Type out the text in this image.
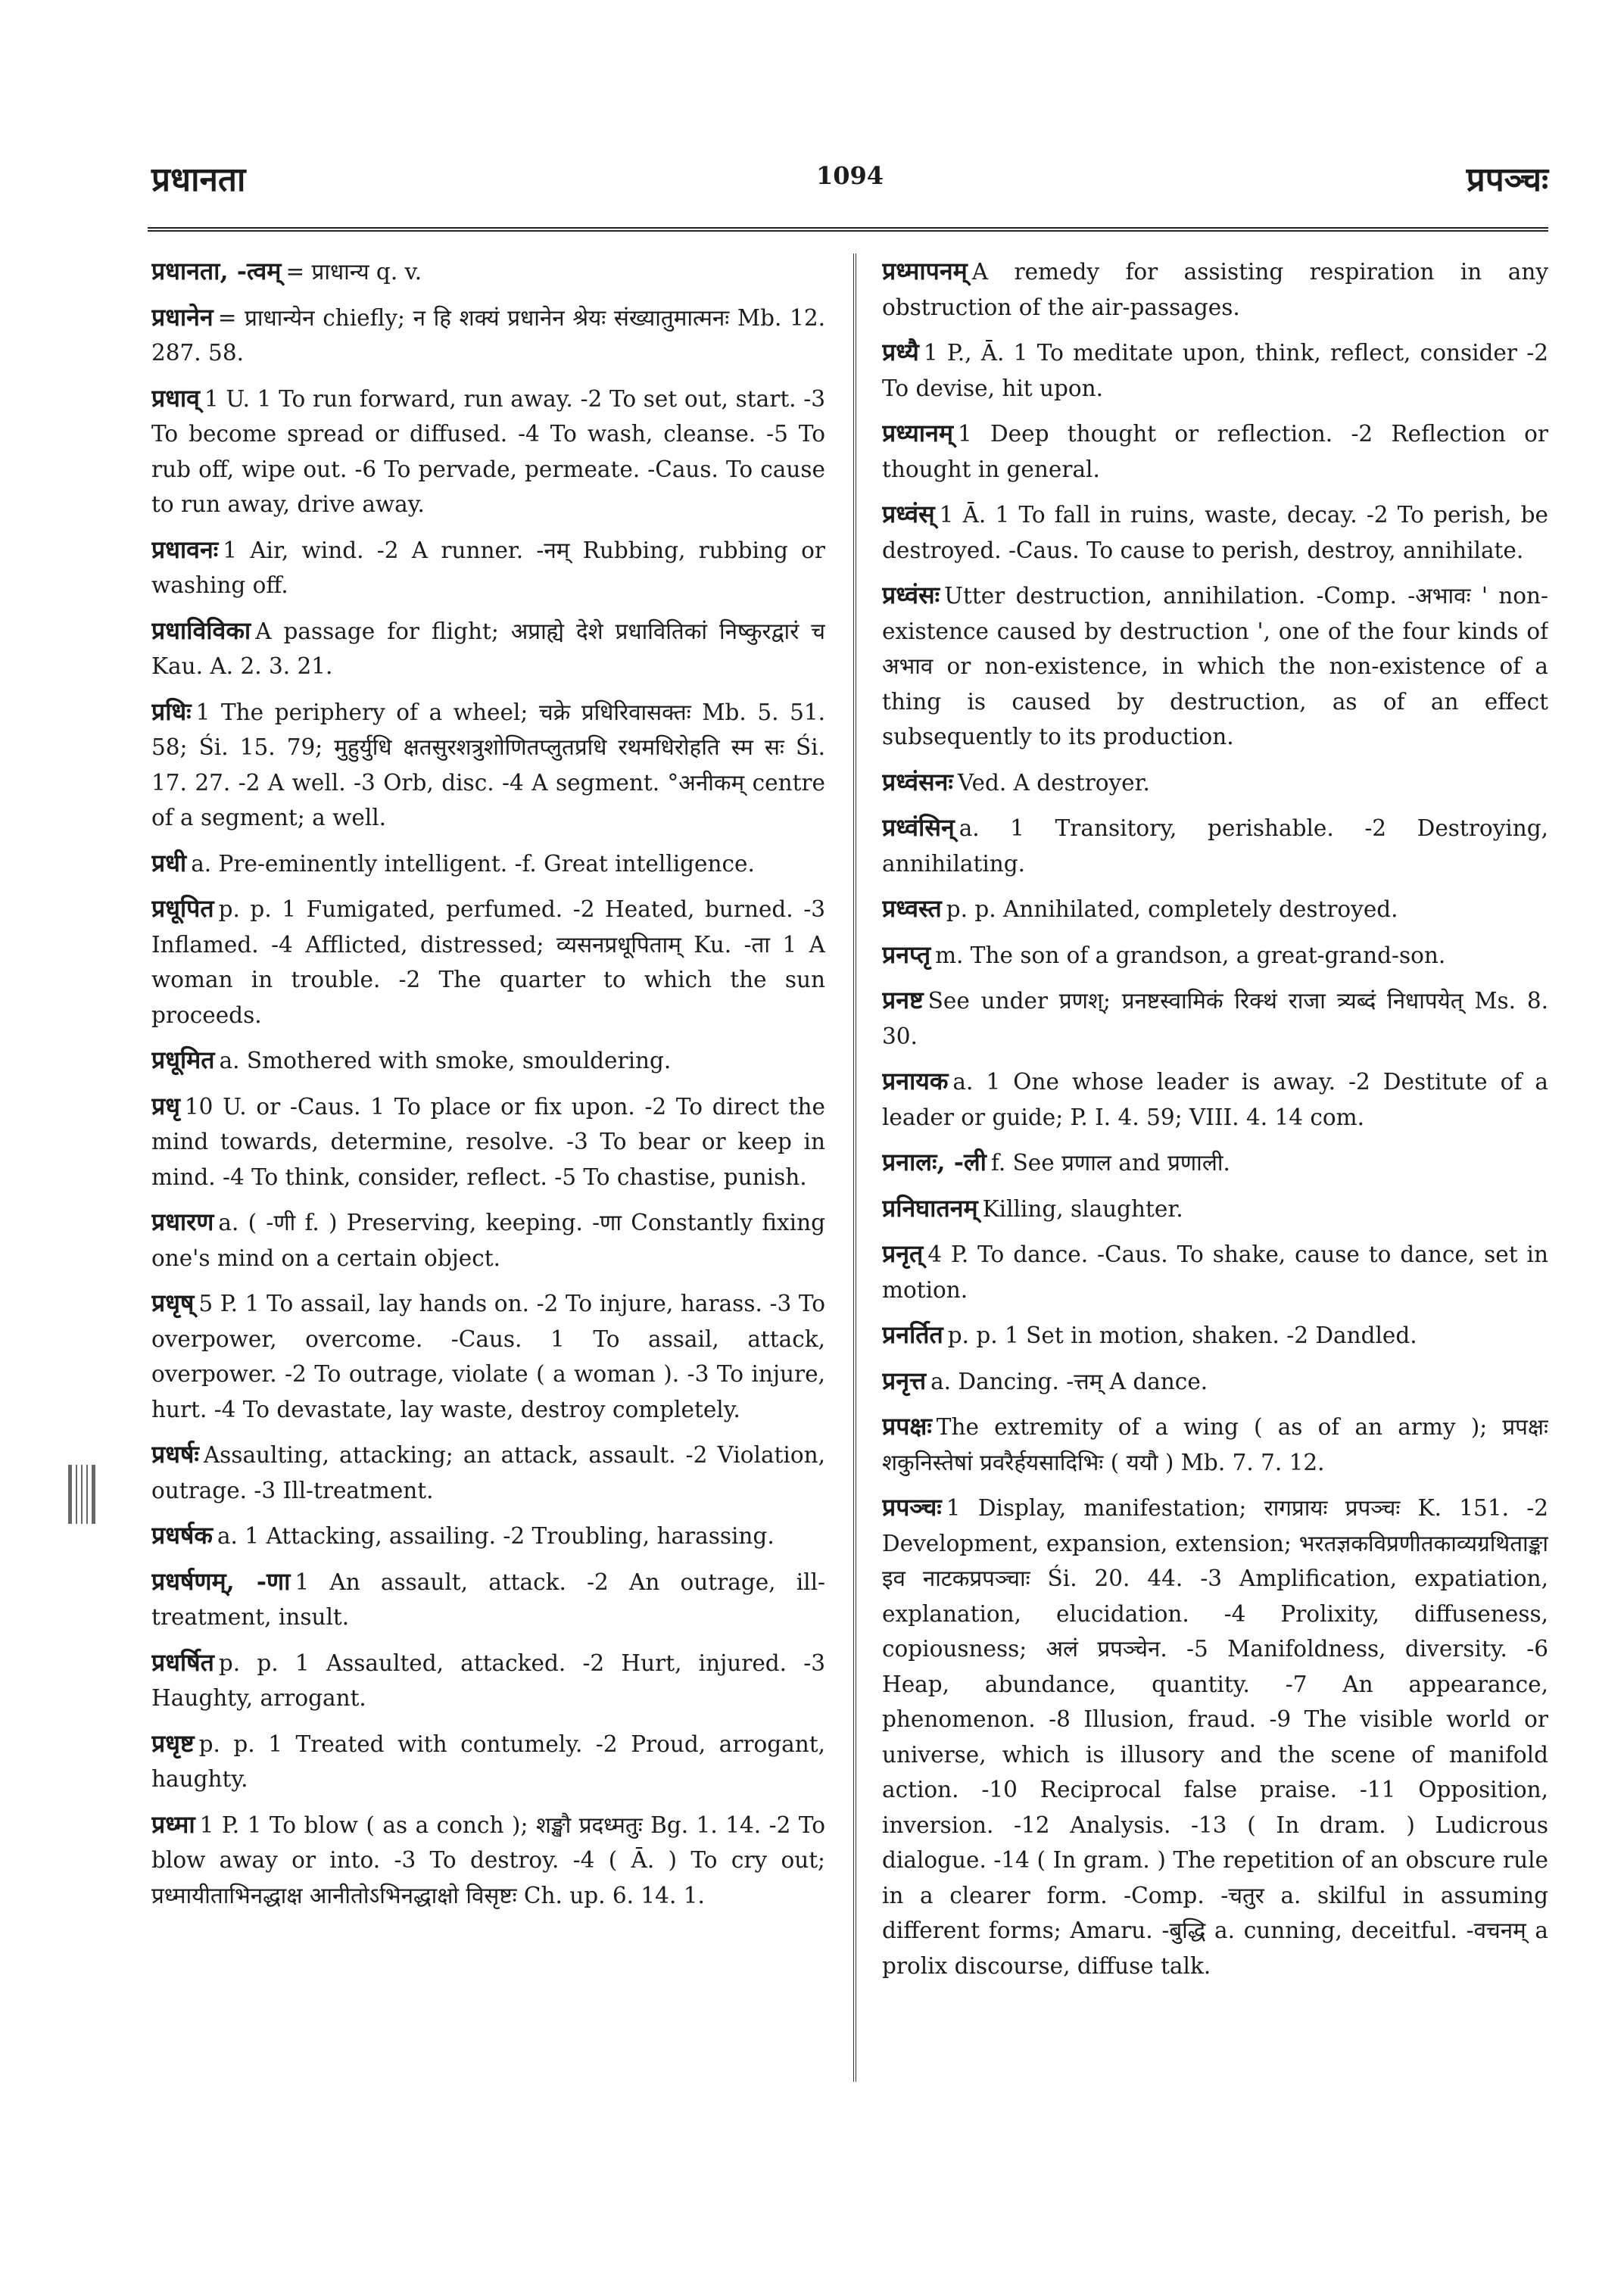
प्रधानता	1094	प्रपञ्चः

प्रधानता, -त्वम् = प्राधान्य q. v.

प्रधानेन = प्राधान्येन chiefly; न हि शक्यं प्रधानेन श्रेयः संख्यातुमात्मनः Mb. 12. 287. 58.

प्रधाव् 1 U. 1 To run forward, run away. -2 To set out, start. -3 To become spread or diffused. -4 To wash, cleanse. -5 To rub off, wipe out. -6 To pervade, permeate. -Caus. To cause to run away, drive away.

प्रधावनः 1 Air, wind. -2 A runner. -नम् Rubbing, rubbing or washing off.

प्रधाविविका A passage for flight; अप्राह्ये देशे प्रधावितिकां निष्कुरद्वारं च Kau. A. 2. 3. 21.

प्रधिः 1 The periphery of a wheel; चक्रे प्रधिरिवासक्तः Mb. 5. 51. 58; Śi. 15. 79; मुहुर्युधि क्षतसुरशत्रुशोणितप्लुतप्रधि रथमधिरोहति स्म सः Śi. 17. 27. -2 A well. -3 Orb, disc. -4 A segment. °अनीकम् centre of a segment; a well.

प्रधी a. Pre-eminently intelligent. -f. Great intelligence.

प्रधूपित p. p. 1 Fumigated, perfumed. -2 Heated, burned. -3 Inflamed. -4 Afflicted, distressed; व्यसनप्रधूपिताम् Ku. -ता 1 A woman in trouble. -2 The quarter to which the sun proceeds.

प्रधूमित a. Smothered with smoke, smouldering.

प्रधृ 10 U. or -Caus. 1 To place or fix upon. -2 To direct the mind towards, determine, resolve. -3 To bear or keep in mind. -4 To think, consider, reflect. -5 To chastise, punish.

प्रधारण a. ( -णी f. ) Preserving, keeping. -णा Constantly fixing one's mind on a certain object.

प्रधृष् 5 P. 1 To assail, lay hands on. -2 To injure, harass. -3 To overpower, overcome. -Caus. 1 To assail, attack, overpower. -2 To outrage, violate ( a woman ). -3 To injure, hurt. -4 To devastate, lay waste, destroy completely.

प्रधर्षः Assaulting, attacking; an attack, assault. -2 Violation, outrage. -3 Ill-treatment.

प्रधर्षक a. 1 Attacking, assailing. -2 Troubling, harassing.

प्रधर्षणम्, -णा 1 An assault, attack. -2 An outrage, ill-treatment, insult.

प्रधर्षित p. p. 1 Assaulted, attacked. -2 Hurt, injured. -3 Haughty, arrogant.

प्रधृष्ट p. p. 1 Treated with contumely. -2 Proud, arrogant, haughty.

प्रध्मा 1 P. 1 To blow ( as a conch ); शङ्खौ प्रदध्मतुः Bg. 1. 14. -2 To blow away or into. -3 To destroy. -4 ( Ā. ) To cry out; प्रध्मायीताभिनद्धाक्ष आनीतोऽभिनद्धाक्षो विसृष्टः Ch. up. 6. 14. 1.

प्रध्मापनम् A remedy for assisting respiration in any obstruction of the air-passages.

प्रध्यै 1 P., Ā. 1 To meditate upon, think, reflect, consider -2 To devise, hit upon.

प्रध्यानम् 1 Deep thought or reflection. -2 Reflection or thought in general.

प्रध्वंस् 1 Ā. 1 To fall in ruins, waste, decay. -2 To perish, be destroyed. -Caus. To cause to perish, destroy, annihilate.

प्रध्वंसः Utter destruction, annihilation. -Comp. -अभावः ' non-existence caused by destruction ', one of the four kinds of अभाव or non-existence, in which the non-existence of a thing is caused by destruction, as of an effect subsequently to its production.

प्रध्वंसनः Ved. A destroyer.

प्रध्वंसिन् a. 1 Transitory, perishable. -2 Destroying, annihilating.

प्रध्वस्त p. p. Annihilated, completely destroyed.

प्रनप्तृ m. The son of a grandson, a great-grand-son.

प्रनष्ट See under प्रणश्; प्रनष्टस्वामिकं रिक्थं राजा त्र्यब्दं निधापयेत् Ms. 8. 30.

प्रनायक a. 1 One whose leader is away. -2 Destitute of a leader or guide; P. I. 4. 59; VIII. 4. 14 com.

प्रनालः, -ली f. See प्रणाल and प्रणाली.

प्रनिघातनम् Killing, slaughter.

प्रनृत् 4 P. To dance. -Caus. To shake, cause to dance, set in motion.

प्रनर्तित p. p. 1 Set in motion, shaken. -2 Dandled.

प्रनृत्त a. Dancing. -त्तम् A dance.

प्रपक्षः The extremity of a wing ( as of an army ); प्रपक्षः शकुनिस्तेषां प्रवरैर्हयसादिभिः ( ययौ ) Mb. 7. 7. 12.

प्रपञ्चः 1 Display, manifestation; रागप्रायः प्रपञ्चः K. 151. -2 Development, expansion, extension; भरतज्ञकविप्रणीतकाव्यग्रथिताङ्का इव नाटकप्रपञ्चाः Śi. 20. 44. -3 Amplification, expatiation, explanation, elucidation. -4 Prolixity, diffuseness, copiousness; अलं प्रपञ्चेन. -5 Manifoldness, diversity. -6 Heap, abundance, quantity. -7 An appearance, phenomenon. -8 Illusion, fraud. -9 The visible world or universe, which is illusory and the scene of manifold action. -10 Reciprocal false praise. -11 Opposition, inversion. -12 Analysis. -13 ( In dram. ) Ludicrous dialogue. -14 ( In gram. ) The repetition of an obscure rule in a clearer form. -Comp. -चतुर a. skilful in assuming different forms; Amaru. -बुद्धि a. cunning, deceitful. -वचनम् a prolix discourse, diffuse talk.
